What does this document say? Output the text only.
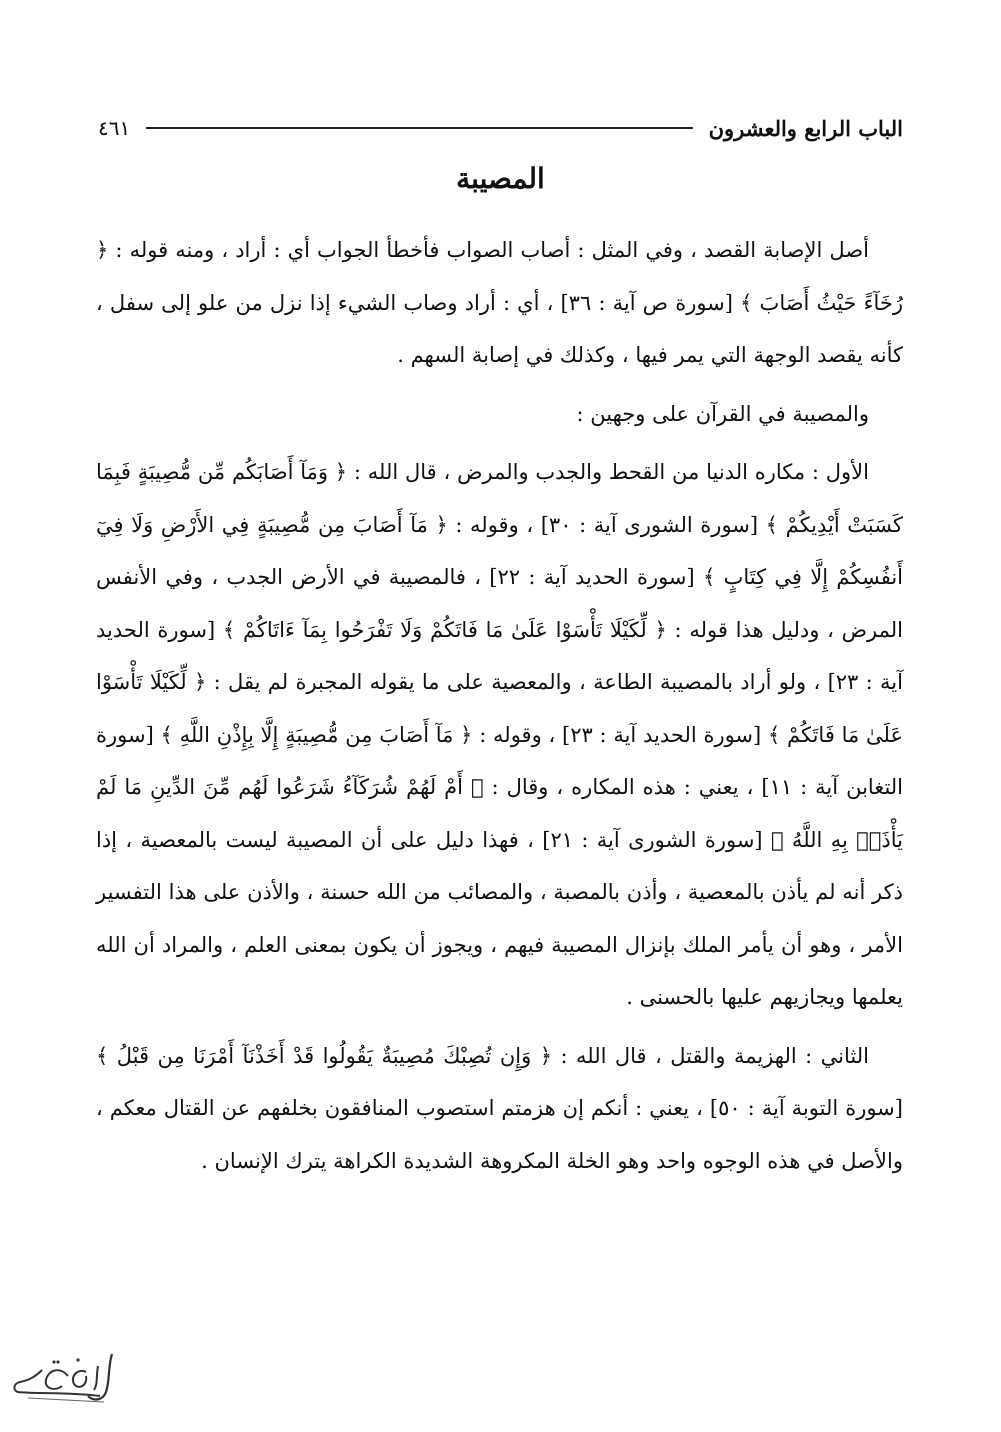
الباب الرابع والعشرون
٤٦١
المصيبة

أصل الإصابة القصد ، وفي المثل : أصاب الصواب فأخطأ الجواب أي : أراد ، ومنه قوله : ﴿ رُخَآءً حَيْثُ أَصَابَ ﴾ [سورة ص آية : ٣٦] ، أي : أراد وصاب الشيء إذا نزل من علو إلى سفل ، كأنه يقصد الوجهة التي يمر فيها ، وكذلك في إصابة السهم .

والمصيبة في القرآن على وجهين :

الأول : مكاره الدنيا من القحط والجدب والمرض ، قال الله : ﴿ وَمَآ أَصَابَكُم مِّن مُّصِيبَةٍ فَبِمَا كَسَبَتْ أَيْدِيكُمْ ﴾ [سورة الشورى آية : ٣٠] ، وقوله : ﴿ مَآ أَصَابَ مِن مُّصِيبَةٍ فِي الأَرْضِ وَلَا فِيٓ أَنفُسِكُمْ إِلَّا فِي كِتَابٍ ﴾ [سورة الحديد آية : ٢٢] ، فالمصيبة في الأرض الجدب ، وفي الأنفس المرض ، ودليل هذا قوله : ﴿ لِّكَيْلَا تَأْسَوْا عَلَىٰ مَا فَاتَكُمْ وَلَا تَفْرَحُوا بِمَآ ءَاتَاكُمْ ﴾ [سورة الحديد آية : ٢٣] ، ولو أراد بالمصيبة الطاعة ، والمعصية على ما يقوله المجبرة لم يقل : ﴿ لِّكَيْلَا تَأْسَوْا عَلَىٰ مَا فَاتَكُمْ ﴾ [سورة الحديد آية : ٢٣] ، وقوله : ﴿ مَآ أَصَابَ مِن مُّصِيبَةٍ إِلَّا بِإِذْنِ اللَّهِ ﴾ [سورة التغابن آية : ١١] ، يعني : هذه المكاره ، وقال : ﴿ أَمْ لَهُمْ شُرَكَآءُ شَرَعُوا لَهُم مِّنَ الدِّينِ مَا لَمْ يَأْذَنۢ بِهِ اللَّهُ ﴾ [سورة الشورى آية : ٢١] ، فهذا دليل على أن المصيبة ليست بالمعصية ، إذا ذكر أنه لم يأذن بالمعصية ، وأذن بالمصبة ، والمصائب من الله حسنة ، والأذن على هذا التفسير الأمر ، وهو أن يأمر الملك بإنزال المصيبة فيهم ، ويجوز أن يكون بمعنى العلم ، والمراد أن الله يعلمها ويجازيهم عليها بالحسنى .

الثاني : الهزيمة والقتل ، قال الله : ﴿ وَإِن تُصِبْكَ مُصِيبَةٌ يَقُولُوا قَدْ أَخَذْنَآ أَمْرَنَا مِن قَبْلُ ﴾ [سورة التوبة آية : ٥٠] ، يعني : أنكم إن هزمتم استصوب المنافقون بخلفهم عن القتال معكم ، والأصل في هذه الوجوه واحد وهو الخلة المكروهة الشديدة الكراهة يترك الإنسان .
